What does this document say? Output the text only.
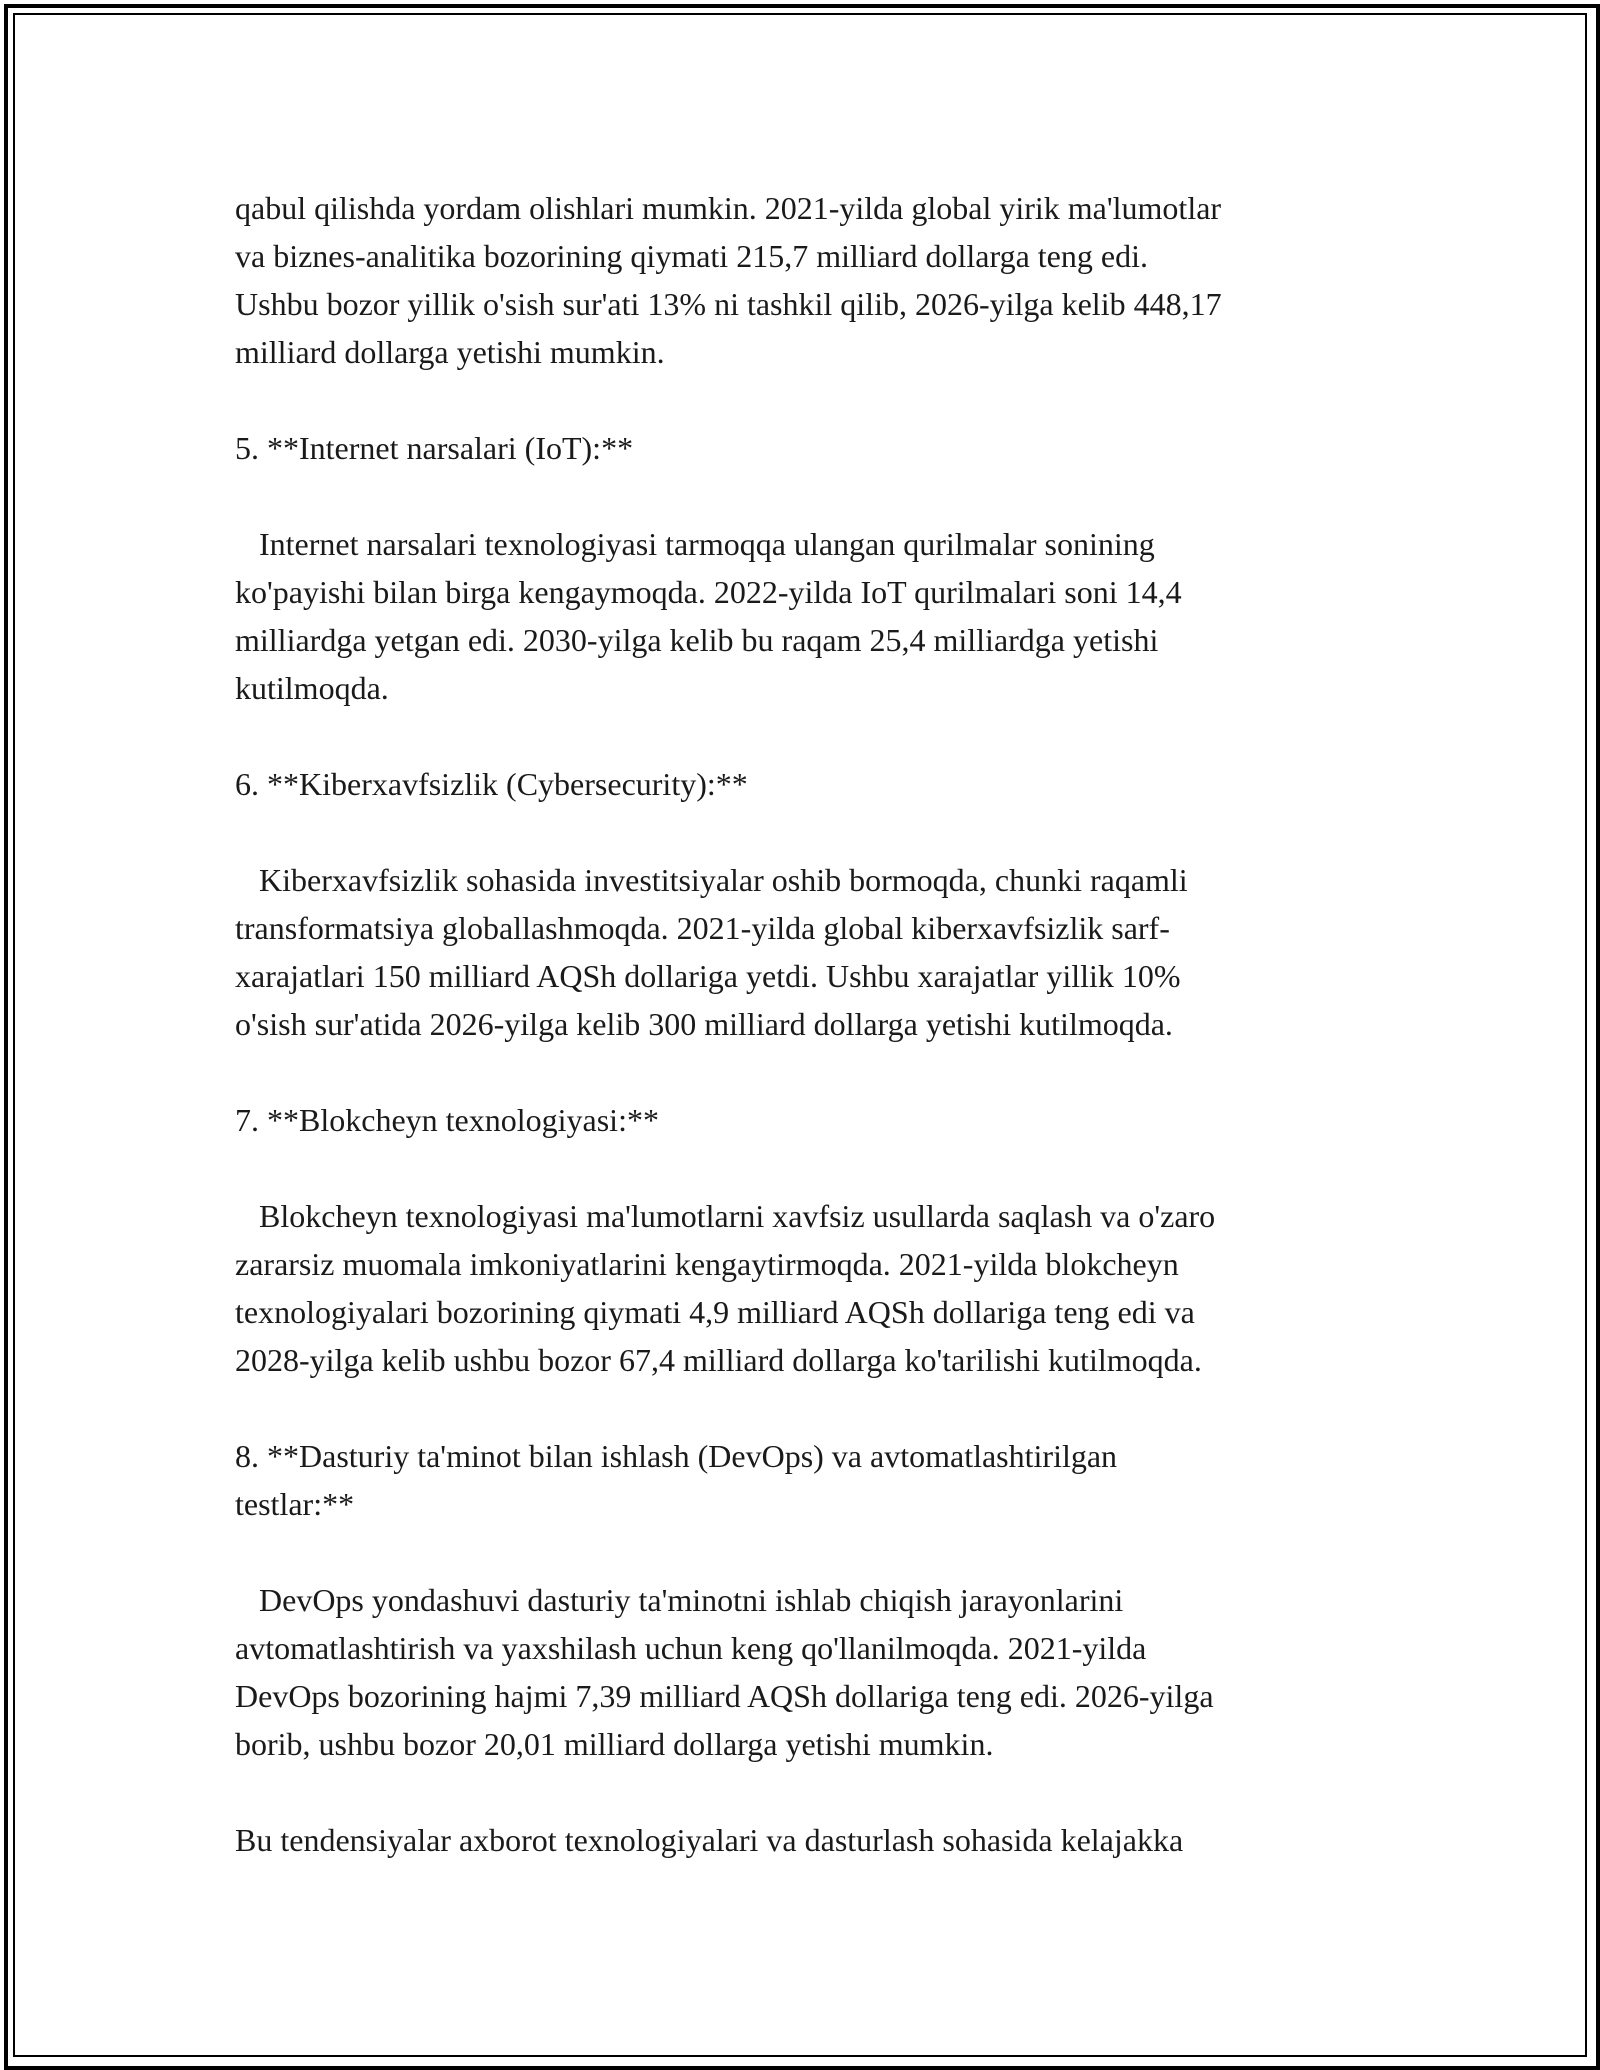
qabul qilishda yordam olishlari mumkin. 2021-yilda global yirik ma'lumotlar
va biznes-analitika bozorining qiymati 215,7 milliard dollarga teng edi.
Ushbu bozor yillik o'sish sur'ati 13% ni tashkil qilib, 2026-yilga kelib 448,17
milliard dollarga yetishi mumkin.

5. **Internet narsalari (IoT):**

Internet narsalari texnologiyasi tarmoqqa ulangan qurilmalar sonining
ko'payishi bilan birga kengaymoqda. 2022-yilda IoT qurilmalari soni 14,4
milliardga yetgan edi. 2030-yilga kelib bu raqam 25,4 milliardga yetishi
kutilmoqda.

6. **Kiberxavfsizlik (Cybersecurity):**

Kiberxavfsizlik sohasida investitsiyalar oshib bormoqda, chunki raqamli
transformatsiya globallashmoqda. 2021-yilda global kiberxavfsizlik sarf-
xarajatlari 150 milliard AQSh dollariga yetdi. Ushbu xarajatlar yillik 10%
o'sish sur'atida 2026-yilga kelib 300 milliard dollarga yetishi kutilmoqda.

7. **Blokcheyn texnologiyasi:**

Blokcheyn texnologiyasi ma'lumotlarni xavfsiz usullarda saqlash va o'zaro
zararsiz muomala imkoniyatlarini kengaytirmoqda. 2021-yilda blokcheyn
texnologiyalari bozorining qiymati 4,9 milliard AQSh dollariga teng edi va
2028-yilga kelib ushbu bozor 67,4 milliard dollarga ko'tarilishi kutilmoqda.

8. **Dasturiy ta'minot bilan ishlash (DevOps) va avtomatlashtirilgan
testlar:**

DevOps yondashuvi dasturiy ta'minotni ishlab chiqish jarayonlarini
avtomatlashtirish va yaxshilash uchun keng qo'llanilmoqda. 2021-yilda
DevOps bozorining hajmi 7,39 milliard AQSh dollariga teng edi. 2026-yilga
borib, ushbu bozor 20,01 milliard dollarga yetishi mumkin.

Bu tendensiyalar axborot texnologiyalari va dasturlash sohasida kelajakka
